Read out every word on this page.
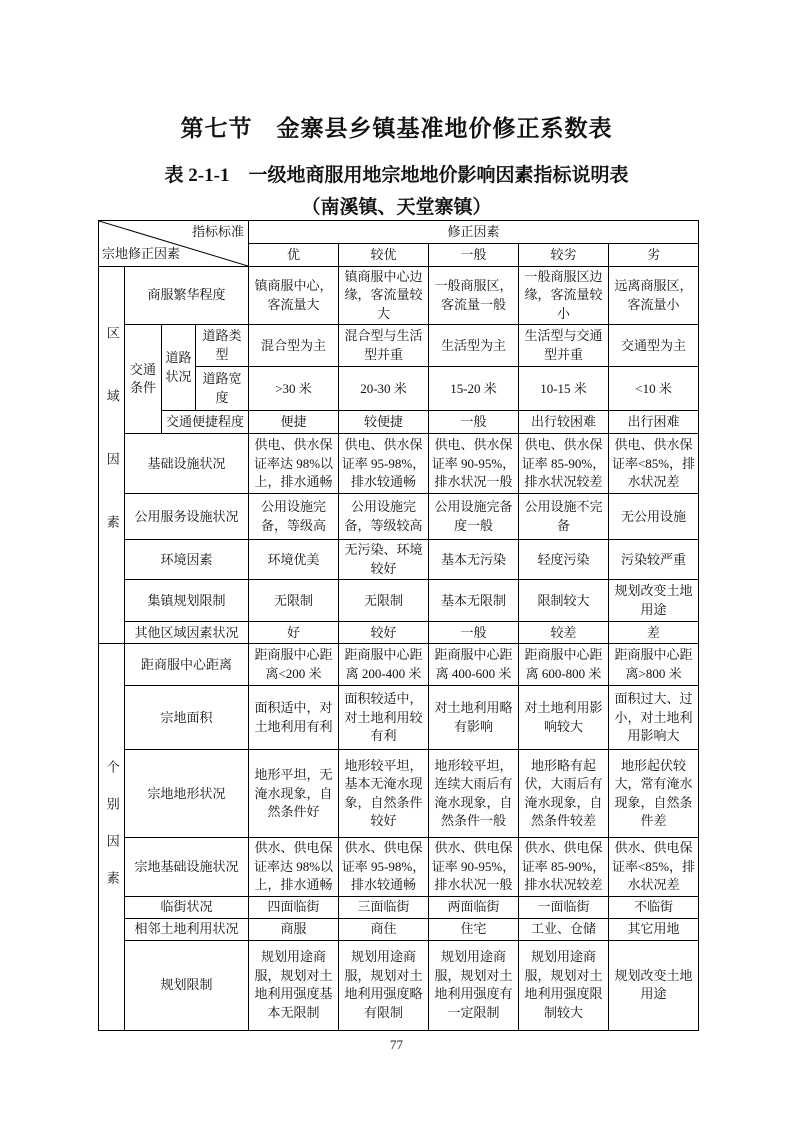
第七节　金寨县乡镇基准地价修正系数表
表 2-1-1　一级地商服用地宗地地价影响因素指标说明表
（南溪镇、天堂寨镇）
指标标准
宗地修正因素				修正因素				
				优	较优	一般	较劣	劣
区域因素	商服繁华程度			镇商服中心，客流量大	镇商服中心边缘，客流量较大	一般商服区，客流量一般	一般商服区边缘，客流量较小	远离商服区，客流量小
	交通条件	道路状况	道路类型	混合型为主	混合型与生活型并重	生活型为主	生活型与交通型并重	交通型为主
			道路宽度	>30 米	20-30 米	15-20 米	10-15 米	<10 米
		交通便捷程度		便捷	较便捷	一般	出行较困难	出行困难
	基础设施状况			供电、供水保证率达 98%以上，排水通畅	供电、供水保证率 95-98%，排水较通畅	供电、供水保证率 90-95%，排水状况一般	供电、供水保证率 85-90%，排水状况较差	供电、供水保证率<85%，排水状况差
	公用服务设施状况			公用设施完备，等级高	公用设施完备，等级较高	公用设施完备度一般	公用设施不完备	无公用设施
	环境因素			环境优美	无污染、环境较好	基本无污染	轻度污染	污染较严重
	集镇规划限制			无限制	无限制	基本无限制	限制较大	规划改变土地用途
	其他区域因素状况			好	较好	一般	较差	差
个别因素	距商服中心距离			距商服中心距离<200 米	距商服中心距离 200-400 米	距商服中心距离 400-600 米	距商服中心距离 600-800 米	距商服中心距离>800 米
	宗地面积			面积适中，对土地利用有利	面积较适中，对土地利用较有利	对土地利用略有影响	对土地利用影响较大	面积过大、过小，对土地利用影响大
	宗地地形状况			地形平坦，无淹水现象，自然条件好	地形较平坦，基本无淹水现象，自然条件较好	地形较平坦，连续大雨后有淹水现象，自然条件一般	地形略有起伏，大雨后有淹水现象，自然条件较差	地形起伏较大，常有淹水现象，自然条件差
	宗地基础设施状况			供水、供电保证率达 98%以上，排水通畅	供水、供电保证率 95-98%，排水较通畅	供水、供电保证率 90-95%，排水状况一般	供水、供电保证率 85-90%，排水状况较差	供水、供电保证率<85%，排水状况差
	临街状况			四面临街	三面临街	两面临街	一面临街	不临街
	相邻土地利用状况			商服	商住	住宅	工业、仓储	其它用地
	规划限制			规划用途商服，规划对土地利用强度基本无限制	规划用途商服，规划对土地利用强度略有限制	规划用途商服，规划对土地利用强度有一定限制	规划用途商服，规划对土地利用强度限制较大	规划改变土地用途
77
